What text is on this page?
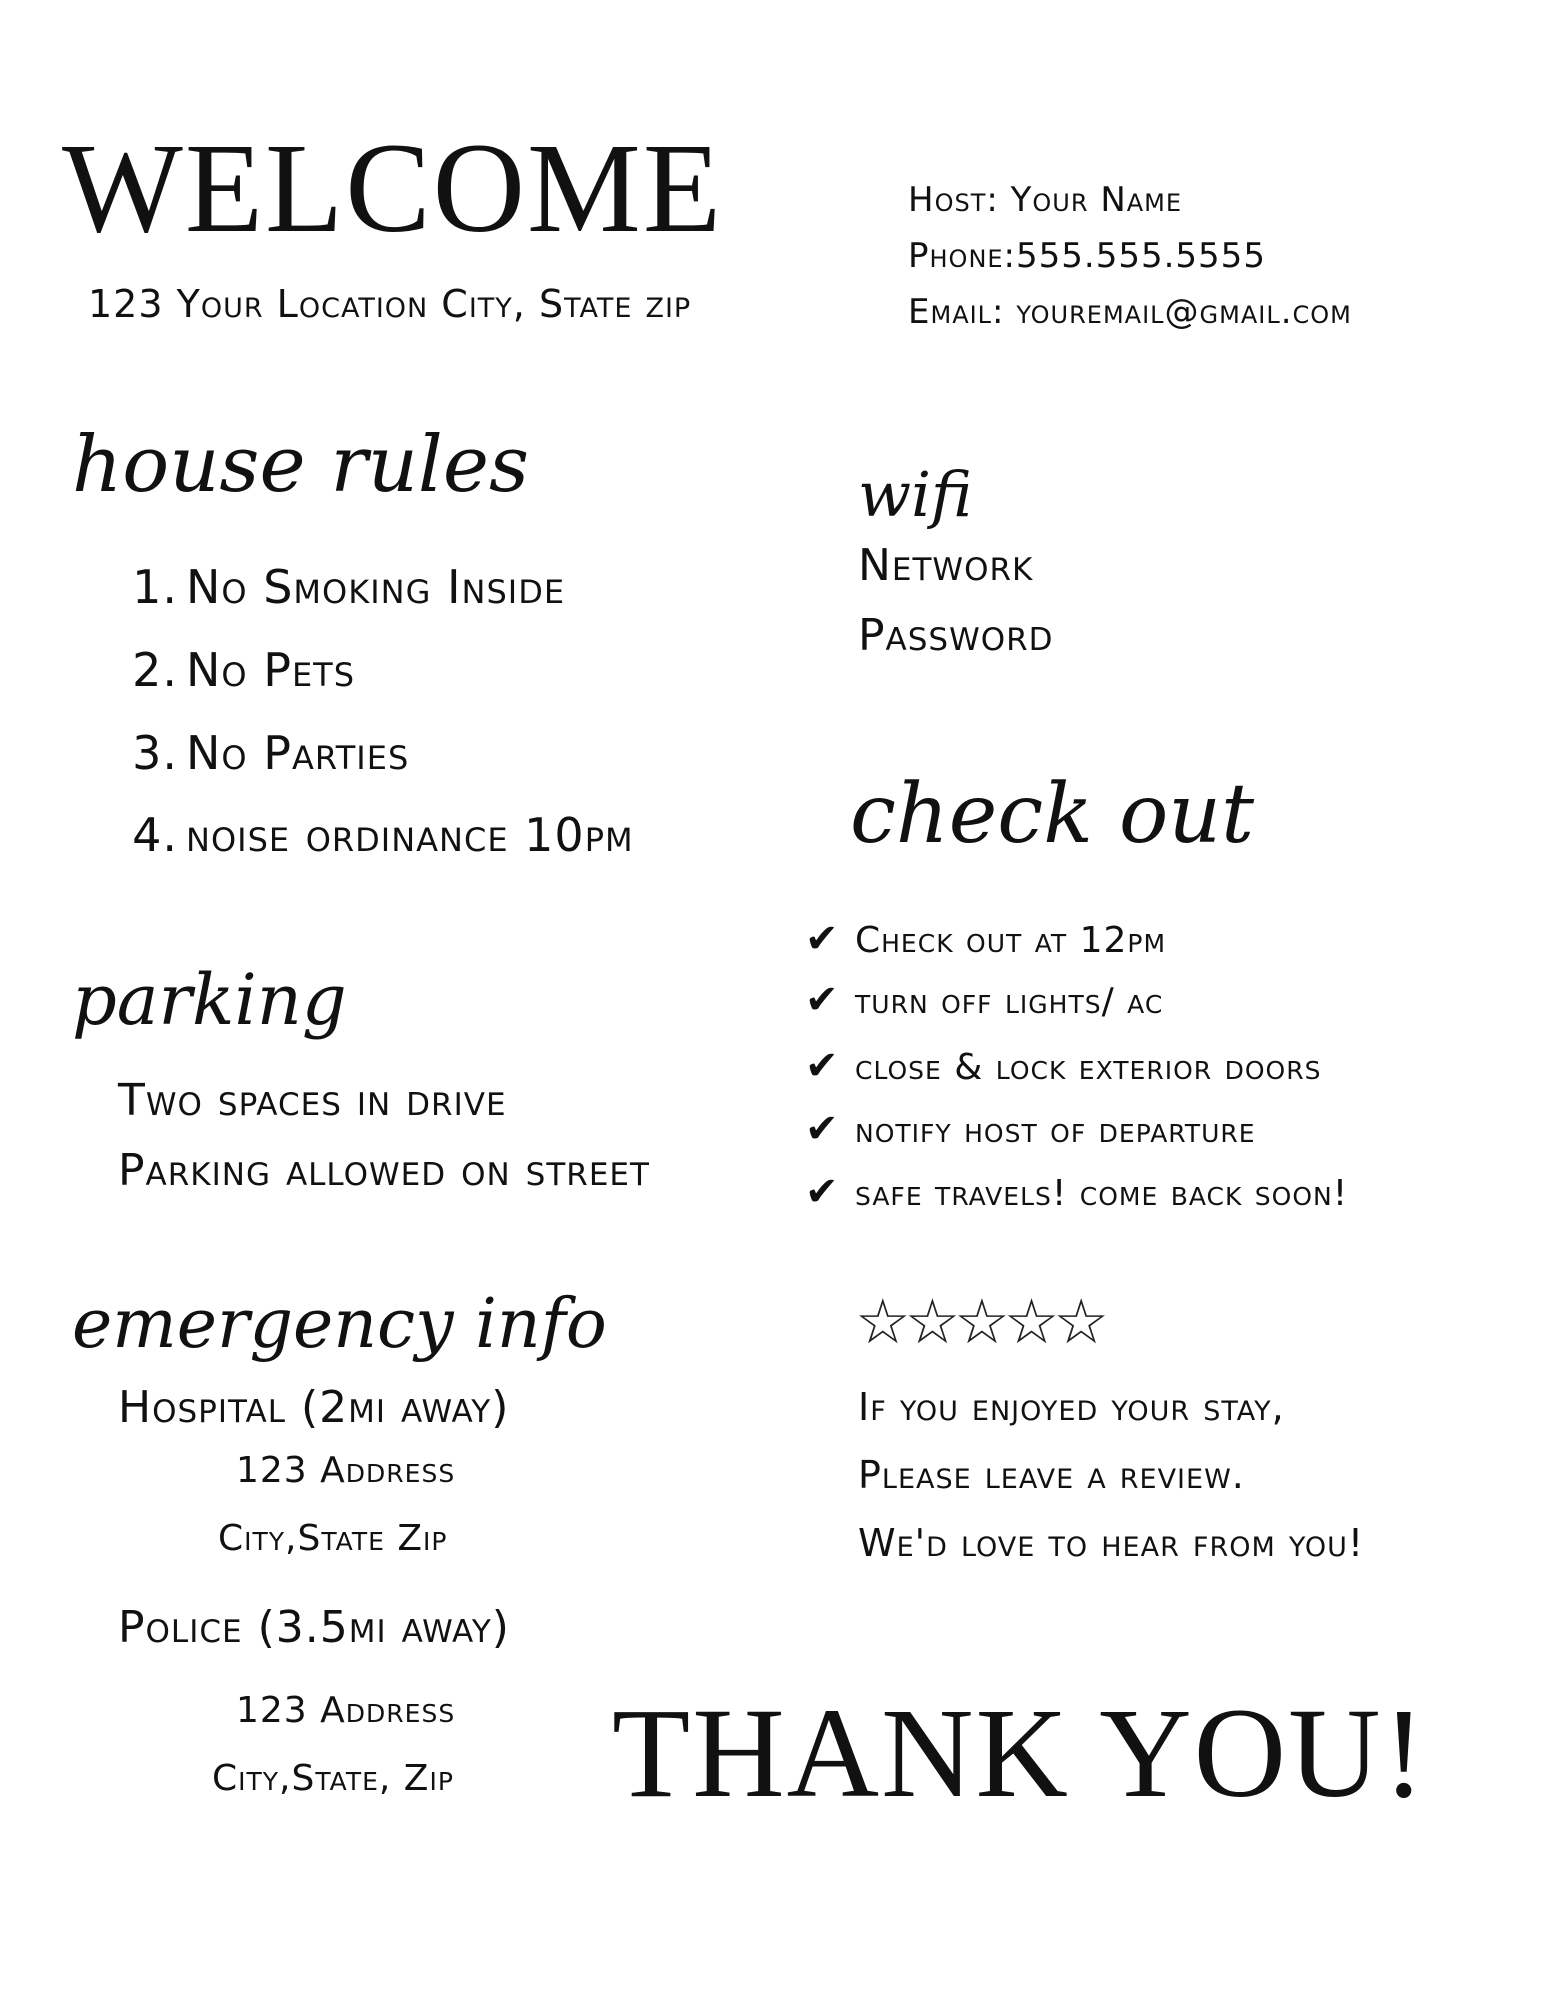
WELCOME
123 Your Location City, State zip
Host: Your Name
Phone:555.555.5555
Email: youremail@gmail.com
house rules
1. No Smoking Inside
2. No Pets
3. No Parties
4. noise ordinance 10pm
wifi
Network
Password
check out
✔ Check out at 12pm
✔ turn off lights/ ac
✔ close & lock exterior doors
✔ notify host of departure
✔ safe travels! come back soon!
parking
Two spaces in drive
Parking allowed on street
emergency info
Hospital (2mi away)
123 Address
City,State Zip
Police (3.5mi away)
123 Address
City,State, Zip
☆☆☆☆☆
If you enjoyed your stay,
Please leave a review.
We'd love to hear from you!
THANK YOU!
